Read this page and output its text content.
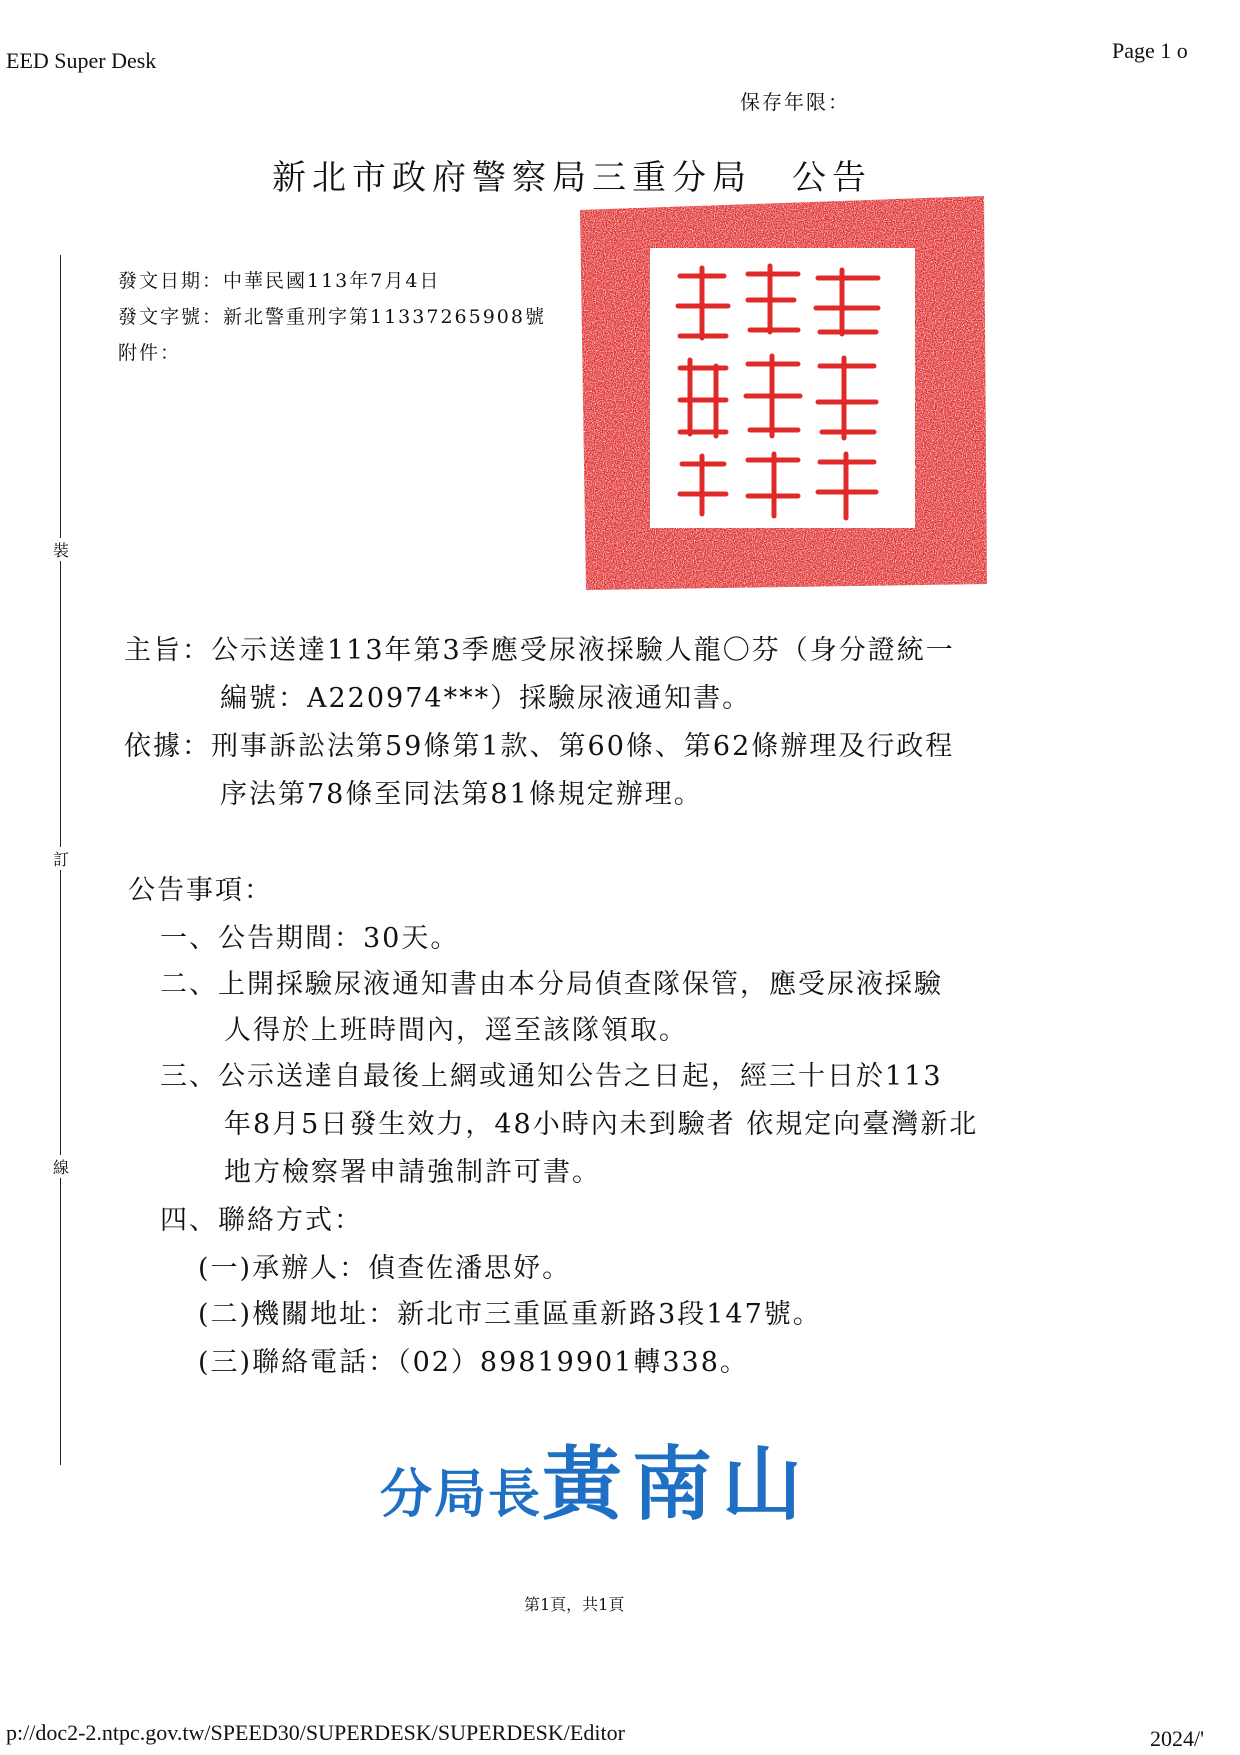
EED Super Desk	Page 1 o
p://doc2-2.ntpc.gov.tw/SPEED30/SUPERDESK/SUPERDESK/Editor	2024/'
裝
訂
線
保存年限：
新北市政府警察局三重分局　公告
發文日期：中華民國113年7月4日
發文字號：新北警重刑字第11337265908號
附件：
主旨：公示送達113年第3季應受尿液採驗人龍〇芬（身分證統一
編號：A220974***）採驗尿液通知書。
依據：刑事訴訟法第59條第1款、第60條、第62條辦理及行政程
序法第78條至同法第81條規定辦理。
公告事項：
一、公告期間：30天。
二、上開採驗尿液通知書由本分局偵查隊保管，應受尿液採驗
人得於上班時間內，逕至該隊領取。
三、公示送達自最後上網或通知公告之日起，經三十日於113
年8月5日發生效力，48小時內未到驗者 依規定向臺灣新北
地方檢察署申請強制許可書。
四、聯絡方式：
(一)承辦人：偵查佐潘思妤。
(二)機關地址：新北市三重區重新路3段147號。
(三)聯絡電話：（02）89819901轉338。
分局長黃南山
第1頁，共1頁
